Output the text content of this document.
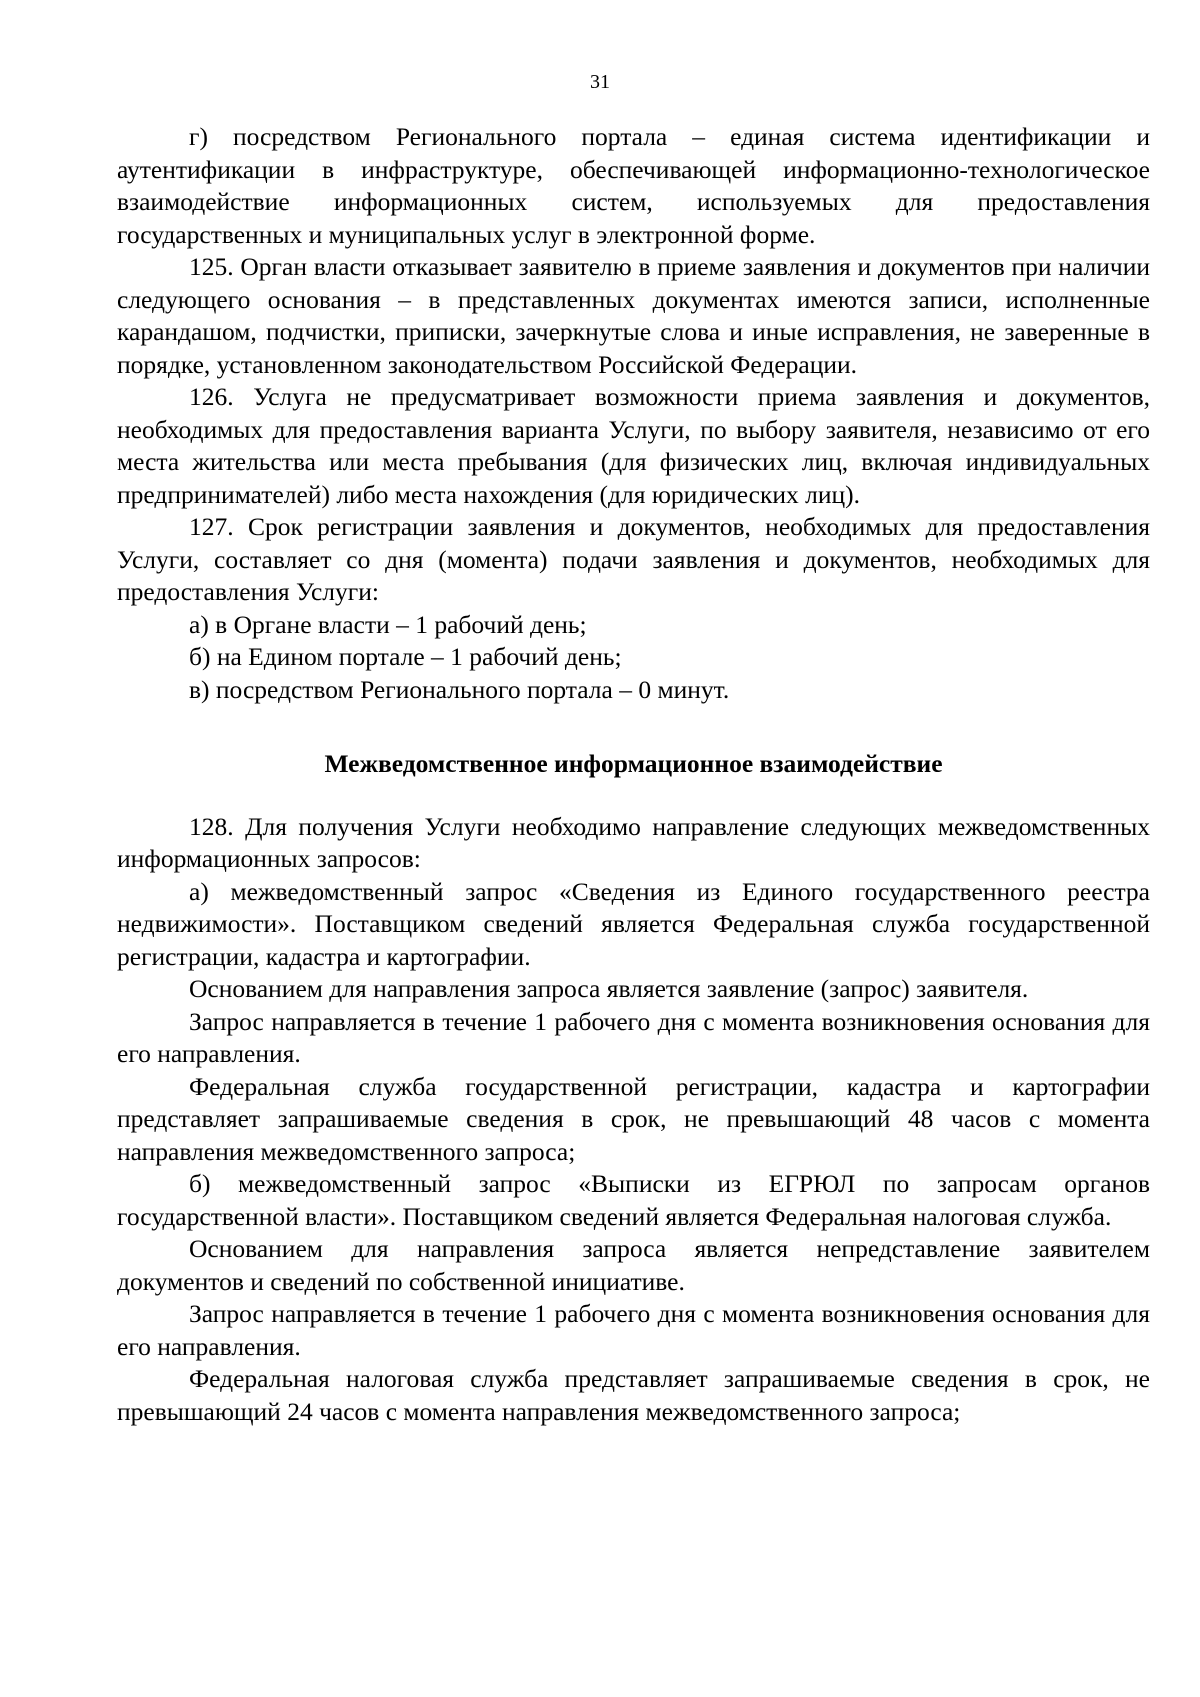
31

г) посредством Регионального портала – единая система идентификации и аутентификации в инфраструктуре, обеспечивающей информационно-технологическое взаимодействие информационных систем, используемых для предоставления государственных и муниципальных услуг в электронной форме.

125. Орган власти отказывает заявителю в приеме заявления и документов при наличии следующего основания – в представленных документах имеются записи, исполненные карандашом, подчистки, приписки, зачеркнутые слова и иные исправления, не заверенные в порядке, установленном законодательством Российской Федерации.

126. Услуга не предусматривает возможности приема заявления и документов, необходимых для предоставления варианта Услуги, по выбору заявителя, независимо от его места жительства или места пребывания (для физических лиц, включая индивидуальных предпринимателей) либо места нахождения (для юридических лиц).

127. Срок регистрации заявления и документов, необходимых для предоставления Услуги, составляет со дня (момента) подачи заявления и документов, необходимых для предоставления Услуги:

а) в Органе власти – 1 рабочий день;

б) на Едином портале – 1 рабочий день;

в) посредством Регионального портала – 0 минут.

Межведомственное информационное взаимодействие

128. Для получения Услуги необходимо направление следующих межведомственных информационных запросов:

а) межведомственный запрос «Сведения из Единого государственного реестра недвижимости». Поставщиком сведений является Федеральная служба государственной регистрации, кадастра и картографии.

Основанием для направления запроса является заявление (запрос) заявителя.

Запрос направляется в течение 1 рабочего дня с момента возникновения основания для его направления.

Федеральная служба государственной регистрации, кадастра и картографии представляет запрашиваемые сведения в срок, не превышающий 48 часов с момента направления межведомственного запроса;

б) межведомственный запрос «Выписки из ЕГРЮЛ по запросам органов государственной власти». Поставщиком сведений является Федеральная налоговая служба.

Основанием для направления запроса является непредставление заявителем документов и сведений по собственной инициативе.

Запрос направляется в течение 1 рабочего дня с момента возникновения основания для его направления.

Федеральная налоговая служба представляет запрашиваемые сведения в срок, не превышающий 24 часов с момента направления межведомственного запроса;
